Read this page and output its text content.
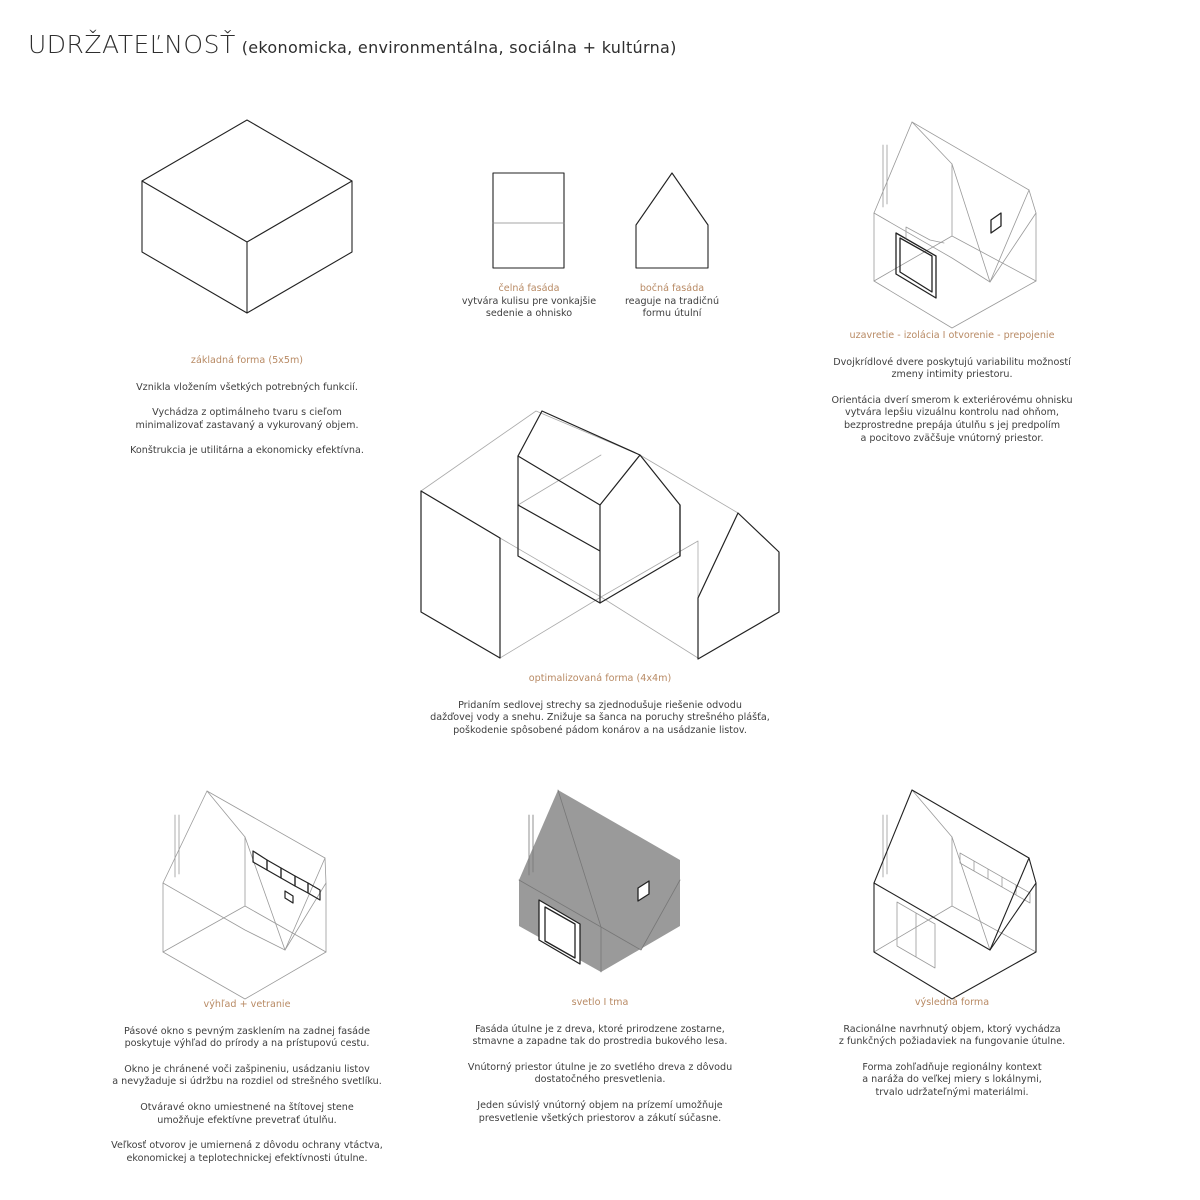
UDRŽATEĽNOSŤ (ekonomicka, environmentálna, sociálna + kultúrna)
základná forma (5x5m)

Vznikla vložením všetkých potrebných funkcií.

Vychádza z optimálneho tvaru s cieľom
minimalizovať zastavaný a vykurovaný objem.

Konštrukcia je utilitárna a ekonomicky efektívna.

čelná fasáda
vytvára kulisu pre vonkajšie
sedenie a ohnisko
bočná fasáda
reaguje na tradičnú
formu útulní
uzavretie - izolácia I otvorenie - prepojenie

Dvojkrídlové dvere poskytujú variabilitu možností
zmeny intimity priestoru.

Orientácia dverí smerom k exteriérovému ohnisku
vytvára lepšiu vizuálnu kontrolu nad ohňom,
bezprostredne prepája útulňu s jej predpolím
a pocitovo zväčšuje vnútorný priestor.

optimalizovaná forma (4x4m)

Pridaním sedlovej strechy sa zjednodušuje riešenie odvodu
dažďovej vody a snehu. Znižuje sa šanca na poruchy strešného plášťa,
poškodenie spôsobené pádom konárov a na usádzanie listov.

výhľad + vetranie

Pásové okno s pevným zasklením na zadnej fasáde
poskytuje výhľad do prírody a na prístupovú cestu.

Okno je chránené voči zašpineniu, usádzaniu listov
a nevyžaduje si údržbu na rozdiel od strešného svetlíku.

Otváravé okno umiestnené na štítovej stene
umožňuje efektívne prevetrať útulňu.

Veľkosť otvorov je umiernená z dôvodu ochrany vtáctva,
ekonomickej a teplotechnickej efektívnosti útulne.

svetlo I tma

Fasáda útulne je z dreva, ktoré prirodzene zostarne,
stmavne a zapadne tak do prostredia bukového lesa.

Vnútorný priestor útulne je zo svetlého dreva z dôvodu
dostatočného presvetlenia.

Jeden súvislý vnútorný objem na prízemí umožňuje
presvetlenie všetkých priestorov a zákutí súčasne.

výsledná forma

Racionálne navrhnutý objem, ktorý vychádza
z funkčných požiadaviek na fungovanie útulne.

Forma zohľadňuje regionálny kontext
a naráža do veľkej miery s lokálnymi,
trvalo udržateľnými materiálmi.
